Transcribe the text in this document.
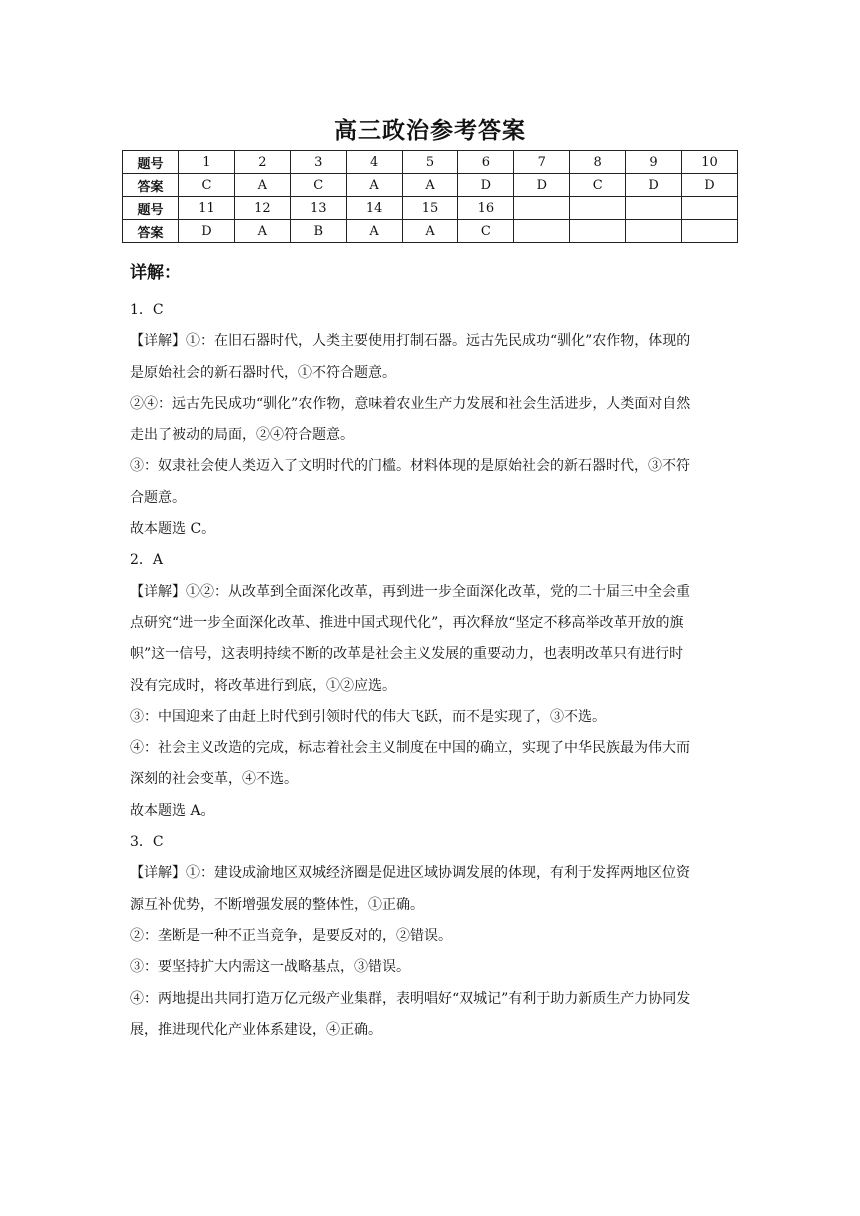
高三政治参考答案
题号	1	2	3	4	5	6	7	8	9	10
答案	C	A	C	A	A	D	D	C	D	D
题号	11	12	13	14	15	16				
答案	D	A	B	A	A	C				
详解：

1．C

【详解】①：在旧石器时代，人类主要使用打制石器。远古先民成功“驯化”农作物，体现的

是原始社会的新石器时代，①不符合题意。

②④：远古先民成功“驯化”农作物，意味着农业生产力发展和社会生活进步，人类面对自然

走出了被动的局面，②④符合题意。

③：奴隶社会使人类迈入了文明时代的门槛。材料体现的是原始社会的新石器时代，③不符

合题意。

故本题选 C。

2．A

【详解】①②：从改革到全面深化改革，再到进一步全面深化改革，党的二十届三中全会重

点研究“进一步全面深化改革、推进中国式现代化”，再次释放“坚定不移高举改革开放的旗

帜”这一信号，这表明持续不断的改革是社会主义发展的重要动力，也表明改革只有进行时

没有完成时，将改革进行到底，①②应选。

③：中国迎来了由赶上时代到引领时代的伟大飞跃，而不是实现了，③不选。

④：社会主义改造的完成，标志着社会主义制度在中国的确立，实现了中华民族最为伟大而

深刻的社会变革，④不选。

故本题选 A。

3．C

【详解】①：建设成渝地区双城经济圈是促进区域协调发展的体现，有利于发挥两地区位资

源互补优势，不断增强发展的整体性，①正确。

②：垄断是一种不正当竞争，是要反对的，②错误。

③：要坚持扩大内需这一战略基点，③错误。

④：两地提出共同打造万亿元级产业集群，表明唱好“双城记”有利于助力新质生产力协同发

展，推进现代化产业体系建设，④正确。
